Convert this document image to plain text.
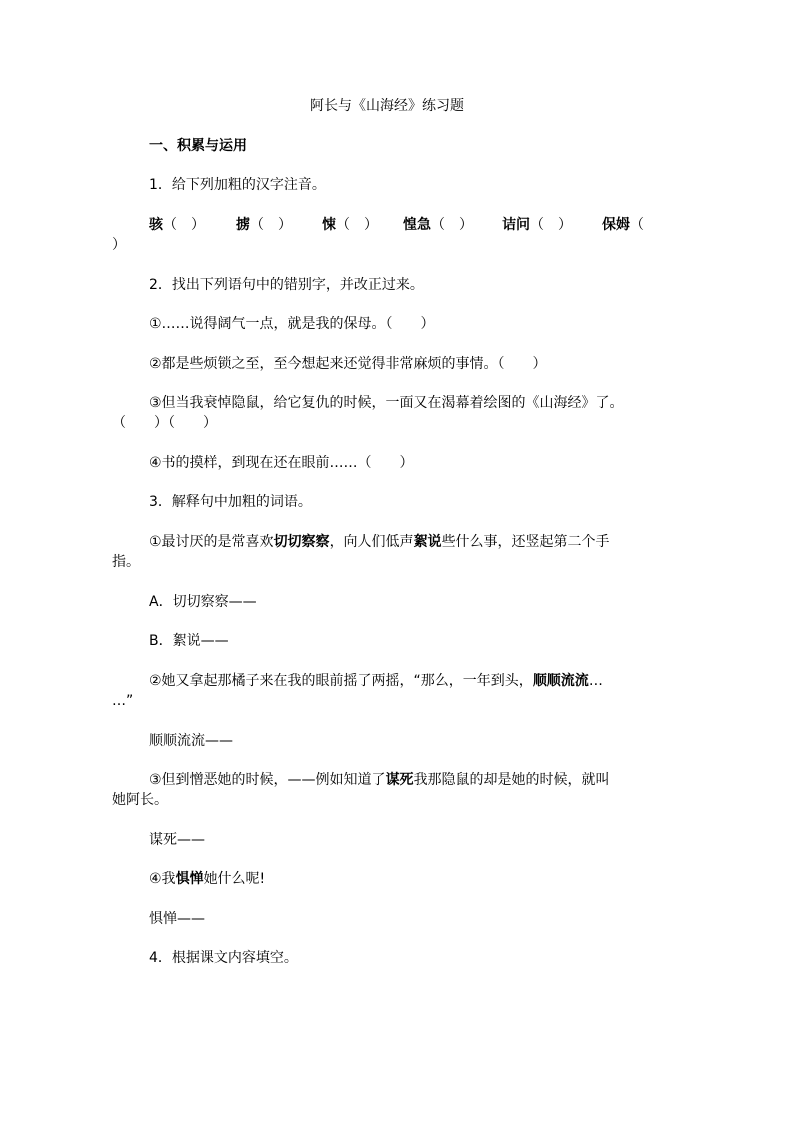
阿长与《山海经》练习题
一、积累与运用
1．给下列加粗的汉字注音。
骇（　） 掳（　） 悚（　） 惶急（　） 诘问（　） 保姆（
）
2．找出下列语句中的错别字，并改正过来。
①……说得阔气一点，就是我的保母。（　　）
②都是些烦锁之至，至今想起来还觉得非常麻烦的事情。（　　）
③但当我衰悼隐鼠，给它复仇的时候，一面又在渴幕着绘图的《山海经》了。
（　　）（　　）
④书的摸样，到现在还在眼前……（　　）
3．解释句中加粗的词语。
①最讨厌的是常喜欢切切察察，向人们低声絮说些什么事，还竖起第二个手
指。
A．切切察察——
B．絮说——
②她又拿起那橘子来在我的眼前摇了两摇，“那么，一年到头，顺顺流流…
…”
顺顺流流——
③但到憎恶她的时候，——例如知道了谋死我那隐鼠的却是她的时候，就叫
她阿长。
谋死——
④我惧惮她什么呢!
惧惮——
4．根据课文内容填空。
